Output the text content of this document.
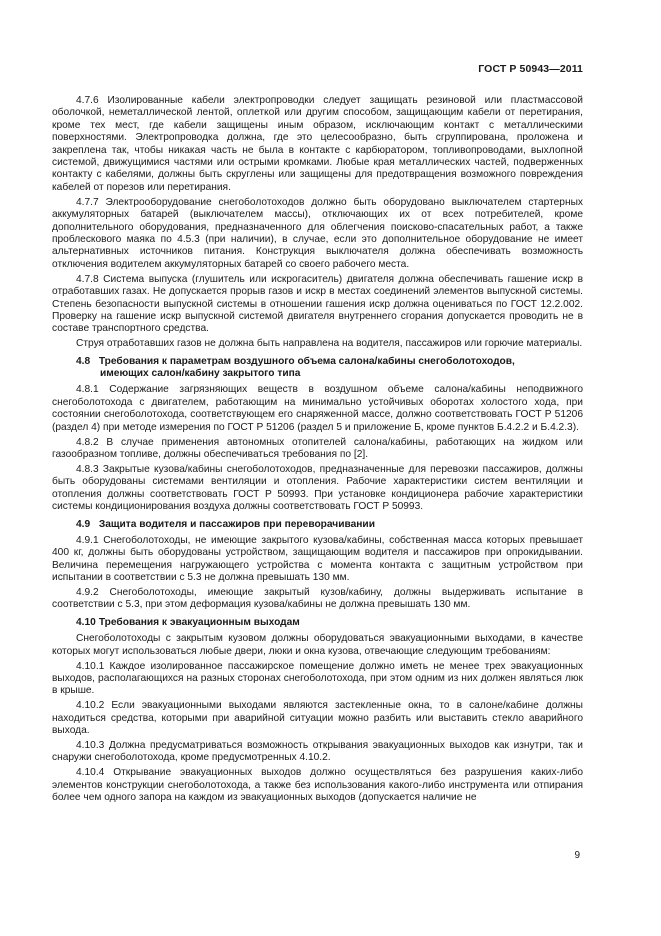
ГОСТ Р 50943—2011

4.7.6 Изолированные кабели электропроводки следует защищать резиновой или пластмассовой оболочкой, неметаллической лентой, оплеткой или другим способом, защищающим кабели от перетирания, кроме тех мест, где кабели защищены иным образом, исключающим контакт с металлическими поверхностями. Электропроводка должна, где это целесообразно, быть сгруппирована, проложена и закреплена так, чтобы никакая часть не была в контакте с карбюратором, топливопроводами, выхлопной системой, движущимися частями или острыми кромками. Любые края металлических частей, подверженных контакту с кабелями, должны быть скруглены или защищены для предотвращения возможного повреждения кабелей от порезов или перетирания.

4.7.7 Электрооборудование снегоболотоходов должно быть оборудовано выключателем стартерных аккумуляторных батарей (выключателем массы), отключающих их от всех потребителей, кроме дополнительного оборудования, предназначенного для облегчения поисково-спасательных работ, а также проблескового маяка по 4.5.3 (при наличии), в случае, если это дополнительное оборудование не имеет альтернативных источников питания. Конструкция выключателя должна обеспечивать возможность отключения водителем аккумуляторных батарей со своего рабочего места.

4.7.8 Система выпуска (глушитель или искрогаситель) двигателя должна обеспечивать гашение искр в отработавших газах. Не допускается прорыв газов и искр в местах соединений элементов выпускной системы. Степень безопасности выпускной системы в отношении гашения искр должна оцениваться по ГОСТ 12.2.002. Проверку на гашение искр выпускной системой двигателя внутреннего сгорания допускается проводить не в составе транспортного средства.

Струя отработавших газов не должна быть направлена на водителя, пассажиров или горючие материалы.

4.8 Требования к параметрам воздушного объема салона/кабины снегоболотоходов,
имеющих салон/кабину закрытого типа

4.8.1 Содержание загрязняющих веществ в воздушном объеме салона/кабины неподвижного снегоболотохода с двигателем, работающим на минимально устойчивых оборотах холостого хода, при состоянии снегоболотохода, соответствующем его снаряженной массе, должно соответствовать ГОСТ Р 51206 (раздел 4) при методе измерения по ГОСТ Р 51206 (раздел 5 и приложение Б, кроме пунктов Б.4.2.2 и Б.4.2.3).

4.8.2 В случае применения автономных отопителей салона/кабины, работающих на жидком или газообразном топливе, должны обеспечиваться требования по [2].

4.8.3 Закрытые кузова/кабины снегоболотоходов, предназначенные для перевозки пассажиров, должны быть оборудованы системами вентиляции и отопления. Рабочие характеристики систем вентиляции и отопления должны соответствовать ГОСТ Р 50993. При установке кондиционера рабочие характеристики системы кондиционирования воздуха должны соответствовать ГОСТ Р 50993.

4.9 Защита водителя и пассажиров при переворачивании

4.9.1 Снегоболотоходы, не имеющие закрытого кузова/кабины, собственная масса которых превышает 400 кг, должны быть оборудованы устройством, защищающим водителя и пассажиров при опрокидывании. Величина перемещения нагружающего устройства с момента контакта с защитным устройством при испытании в соответствии с 5.3 не должна превышать 130 мм.

4.9.2 Снегоболотоходы, имеющие закрытый кузов/кабину, должны выдерживать испытание в соответствии с 5.3, при этом деформация кузова/кабины не должна превышать 130 мм.

4.10 Требования к эвакуационным выходам

Снегоболотоходы с закрытым кузовом должны оборудоваться эвакуационными выходами, в качестве которых могут использоваться любые двери, люки и окна кузова, отвечающие следующим требованиям:

4.10.1 Каждое изолированное пассажирское помещение должно иметь не менее трех эвакуационных выходов, располагающихся на разных сторонах снегоболотохода, при этом одним из них должен являться люк в крыше.

4.10.2 Если эвакуационными выходами являются застекленные окна, то в салоне/кабине должны находиться средства, которыми при аварийной ситуации можно разбить или выставить стекло аварийного выхода.

4.10.3 Должна предусматриваться возможность открывания эвакуационных выходов как изнутри, так и снаружи снегоболотохода, кроме предусмотренных 4.10.2.

4.10.4 Открывание эвакуационных выходов должно осуществляться без разрушения каких-либо элементов конструкции снегоболотохода, а также без использования какого-либо инструмента или отпирания более чем одного запора на каждом из эвакуационных выходов (допускается наличие не

9
